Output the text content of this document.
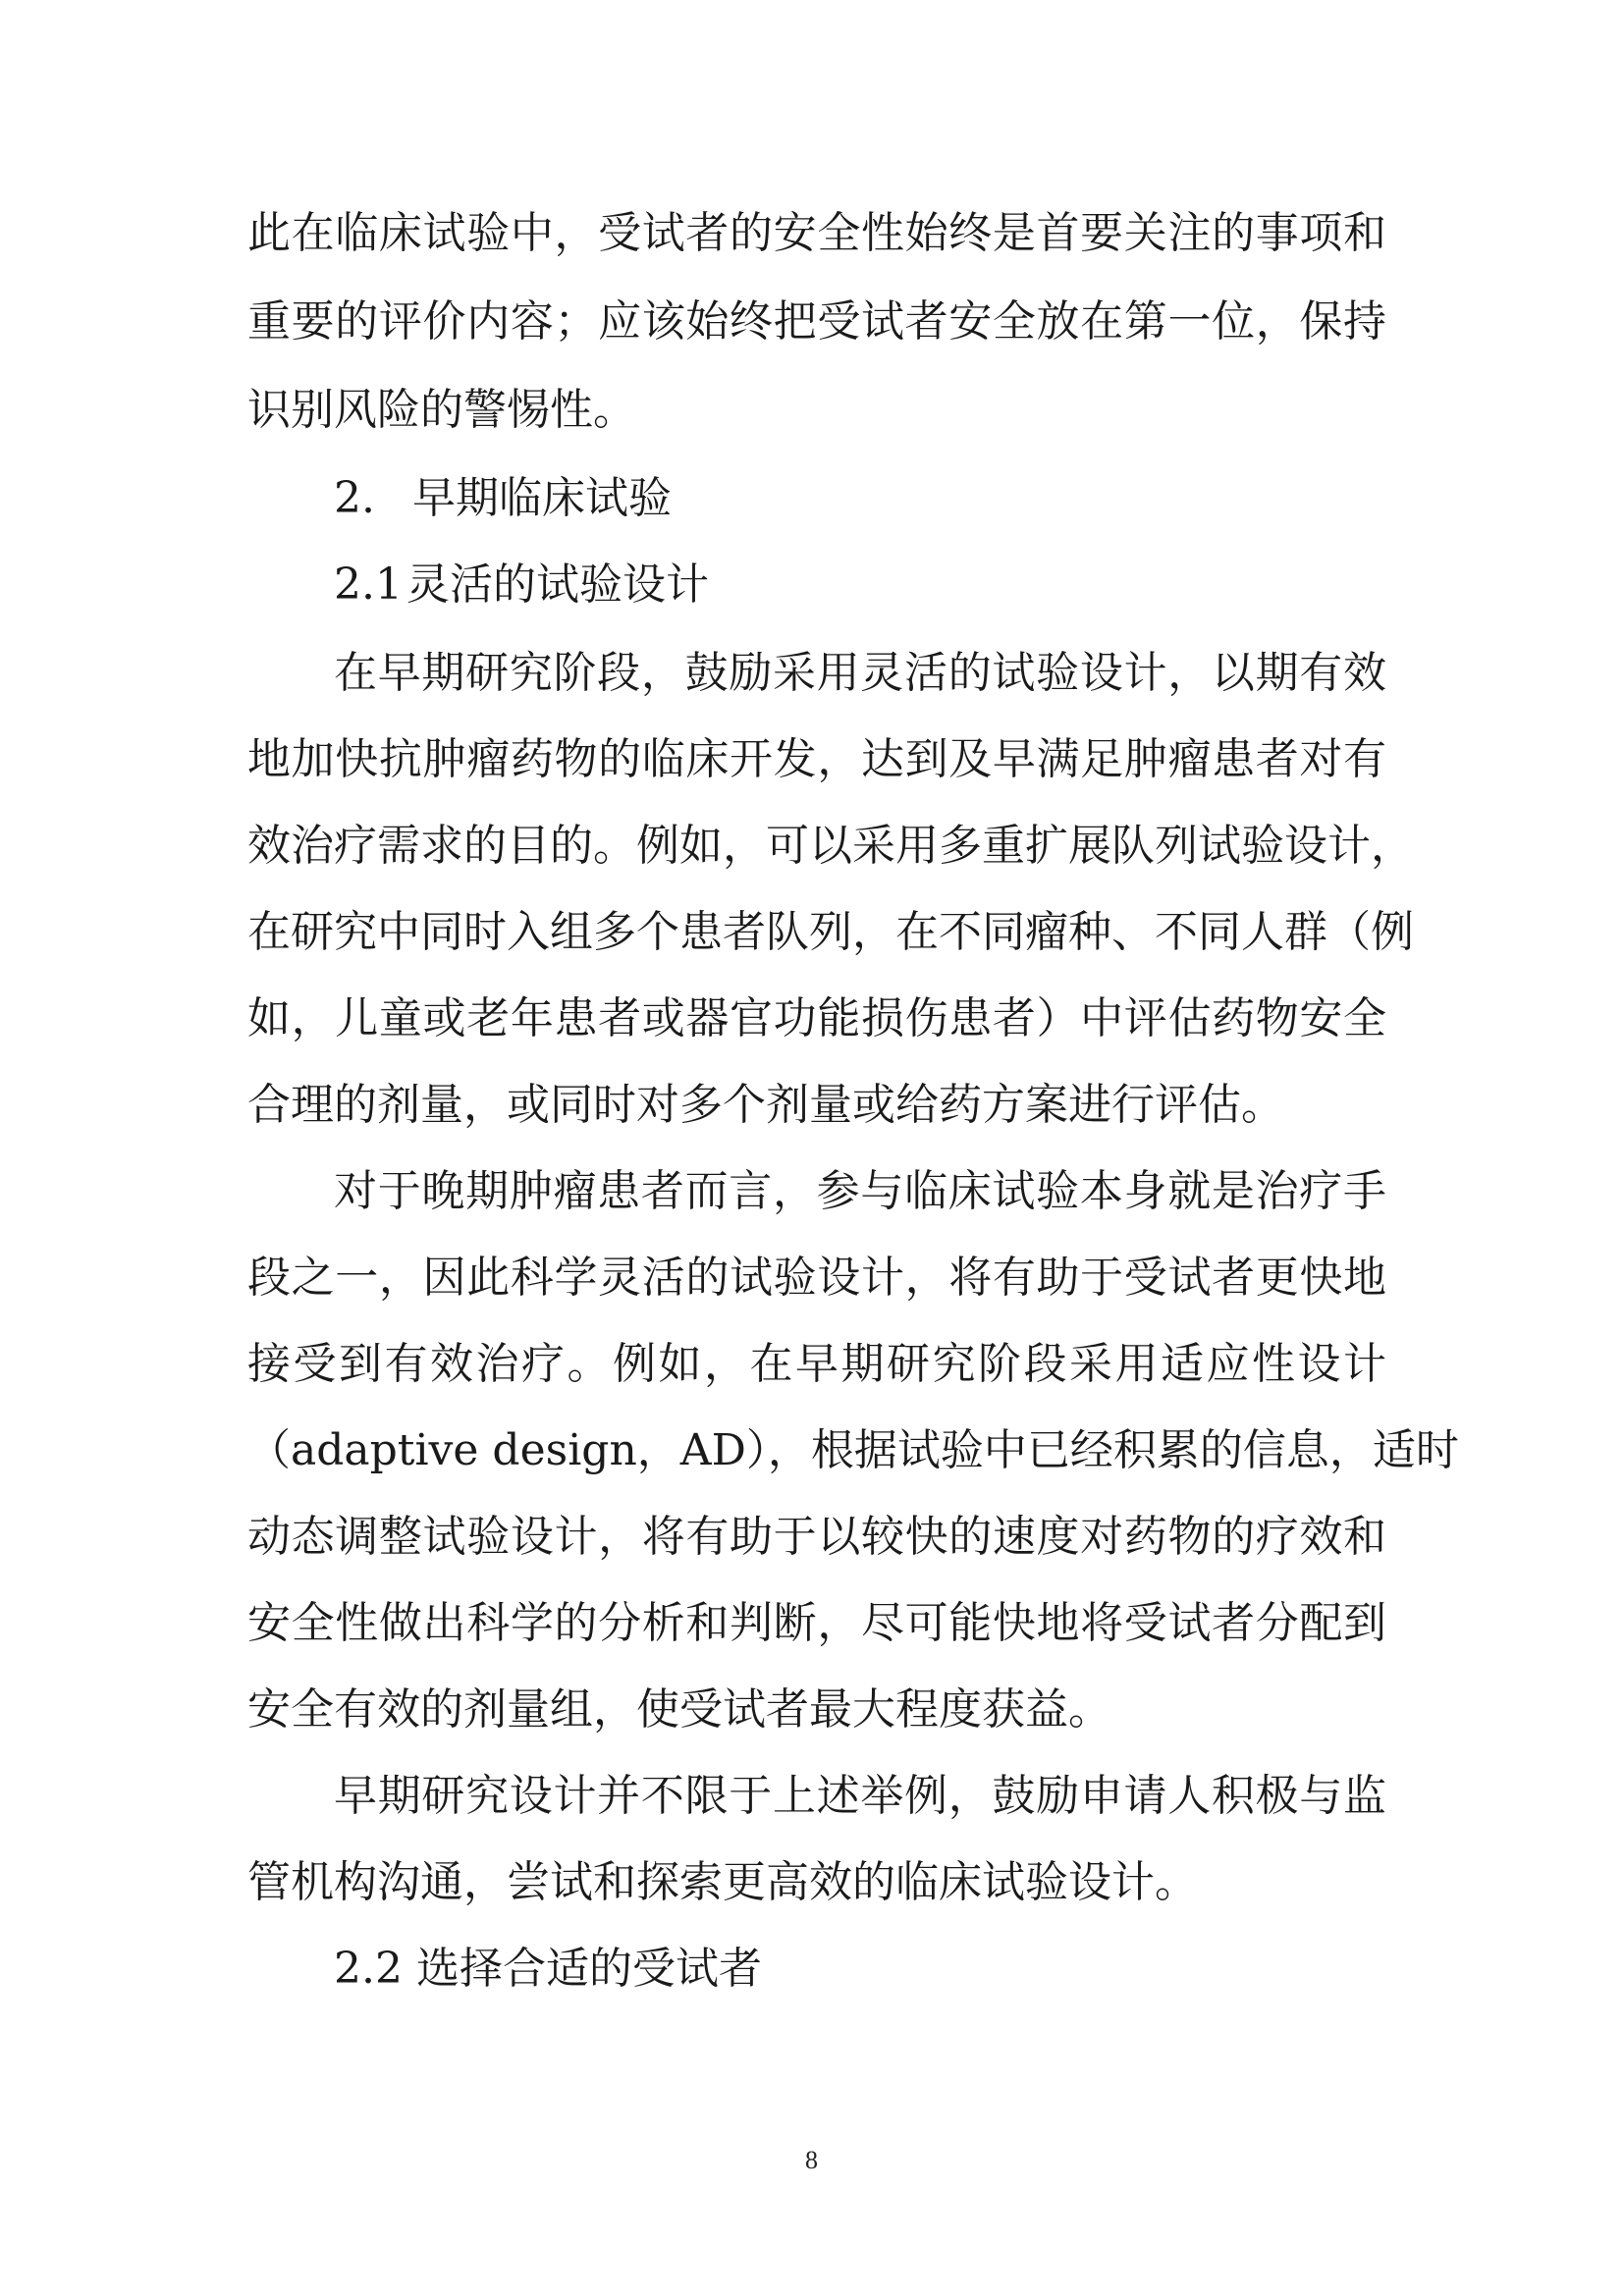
此在临床试验中，受试者的安全性始终是首要关注的事项和
重要的评价内容；应该始终把受试者安全放在第一位，保持
识别风险的警惕性。
2. 早期临床试验
2.1灵活的试验设计
在早期研究阶段，鼓励采用灵活的试验设计，以期有效
地加快抗肿瘤药物的临床开发，达到及早满足肿瘤患者对有
效治疗需求的目的。例如，可以采用多重扩展队列试验设计，
在研究中同时入组多个患者队列，在不同瘤种、不同人群（例
如，儿童或老年患者或器官功能损伤患者）中评估药物安全
合理的剂量，或同时对多个剂量或给药方案进行评估。
对于晚期肿瘤患者而言，参与临床试验本身就是治疗手
段之一，因此科学灵活的试验设计，将有助于受试者更快地
接受到有效治疗。例如，在早期研究阶段采用适应性设计
（adaptive design，AD），根据试验中已经积累的信息，适时
动态调整试验设计，将有助于以较快的速度对药物的疗效和
安全性做出科学的分析和判断，尽可能快地将受试者分配到
安全有效的剂量组，使受试者最大程度获益。
早期研究设计并不限于上述举例，鼓励申请人积极与监
管机构沟通，尝试和探索更高效的临床试验设计。
2.2 选择合适的受试者
8
